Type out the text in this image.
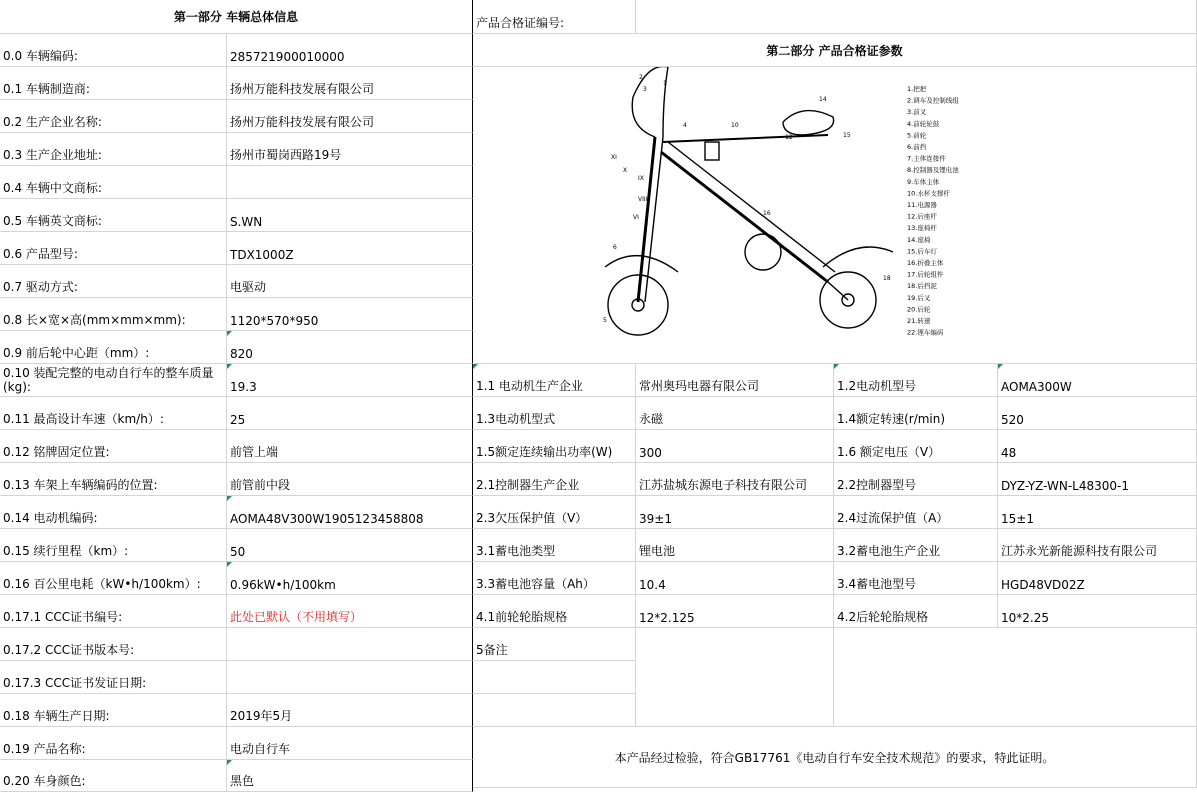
第一部分 车辆总体信息
0.0 车辆编码:	285721900010000
0.1 车辆制造商:	扬州万能科技发展有限公司
0.2 生产企业名称:	扬州万能科技发展有限公司
0.3 生产企业地址:	扬州市蜀岗西路19号
0.4 车辆中文商标:
0.5 车辆英文商标:	S.WN
0.6 产品型号:	TDX1000Z
0.7 驱动方式:	电驱动
0.8 长×宽×高(mm×mm×mm):	1120*570*950
0.9 前后轮中心距（mm）:	820
0.10 装配完整的电动自行车的整车质量(kg):	19.3
0.11 最高设计车速（km/h）:	25
0.12 铭牌固定位置:	前管上端
0.13 车架上车辆编码的位置:	前管前中段
0.14 电动机编码:	AOMA48V300W1905123458808
0.15 续行里程（km）:	50
0.16 百公里电耗（kW•h/100km）: 0.96kW•h/100km
0.17.1 CCC证书编号:	此处已默认（不用填写）
0.17.2 CCC证书版本号:
0.17.3 CCC证书发证日期:
0.18 车辆生产日期:	2019年5月
0.19 产品名称:	电动自行车
0.20 车身颜色:	黑色
产品合格证编号:
第二部分 产品合格证参数
1.把把
2.调车及控制线组
3.前叉
4.前轮轮鼓
5.前轮
6.前挡
7.主体连接件
8.控制器及锂电池
9.车体主体
10.水杯支撑杆
11.电源器
12.后座杆
13.座椅杆
14.座椅
15.后车灯
16.折叠主体
17.后轮组件
18.后挡泥
19.后叉
20.后轮
21.转速
22.锂车编码
1
2
3
4
5
6
10
12
14
15
16
18
XI
X
IX
VIII
VI
1.1 电动机生产企业	常州奥玛电器有限公司	1.2电动机型号	AOMA300W
1.3电动机型式	永磁	1.4额定转速(r/min)	520
1.5额定连续输出功率(W) 300	1.6 额定电压（V）	48
2.1控制器生产企业	江苏盐城东源电子科技有限公司 2.2控制器型号	DYZ-YZ-WN-L48300-1
2.3欠压保护值（V）	39±1	2.4过流保护值（A）	15±1
3.1蓄电池类型	锂电池	3.2蓄电池生产企业	江苏永光新能源科技有限公司
3.3蓄电池容量（Ah）	10.4	3.4蓄电池型号	HGD48VD02Z
4.1前轮轮胎规格	12*2.125	4.2后轮轮胎规格	10*2.25
5备注
本产品经过检验，符合GB17761《电动自行车安全技术规范》的要求，特此证明。
